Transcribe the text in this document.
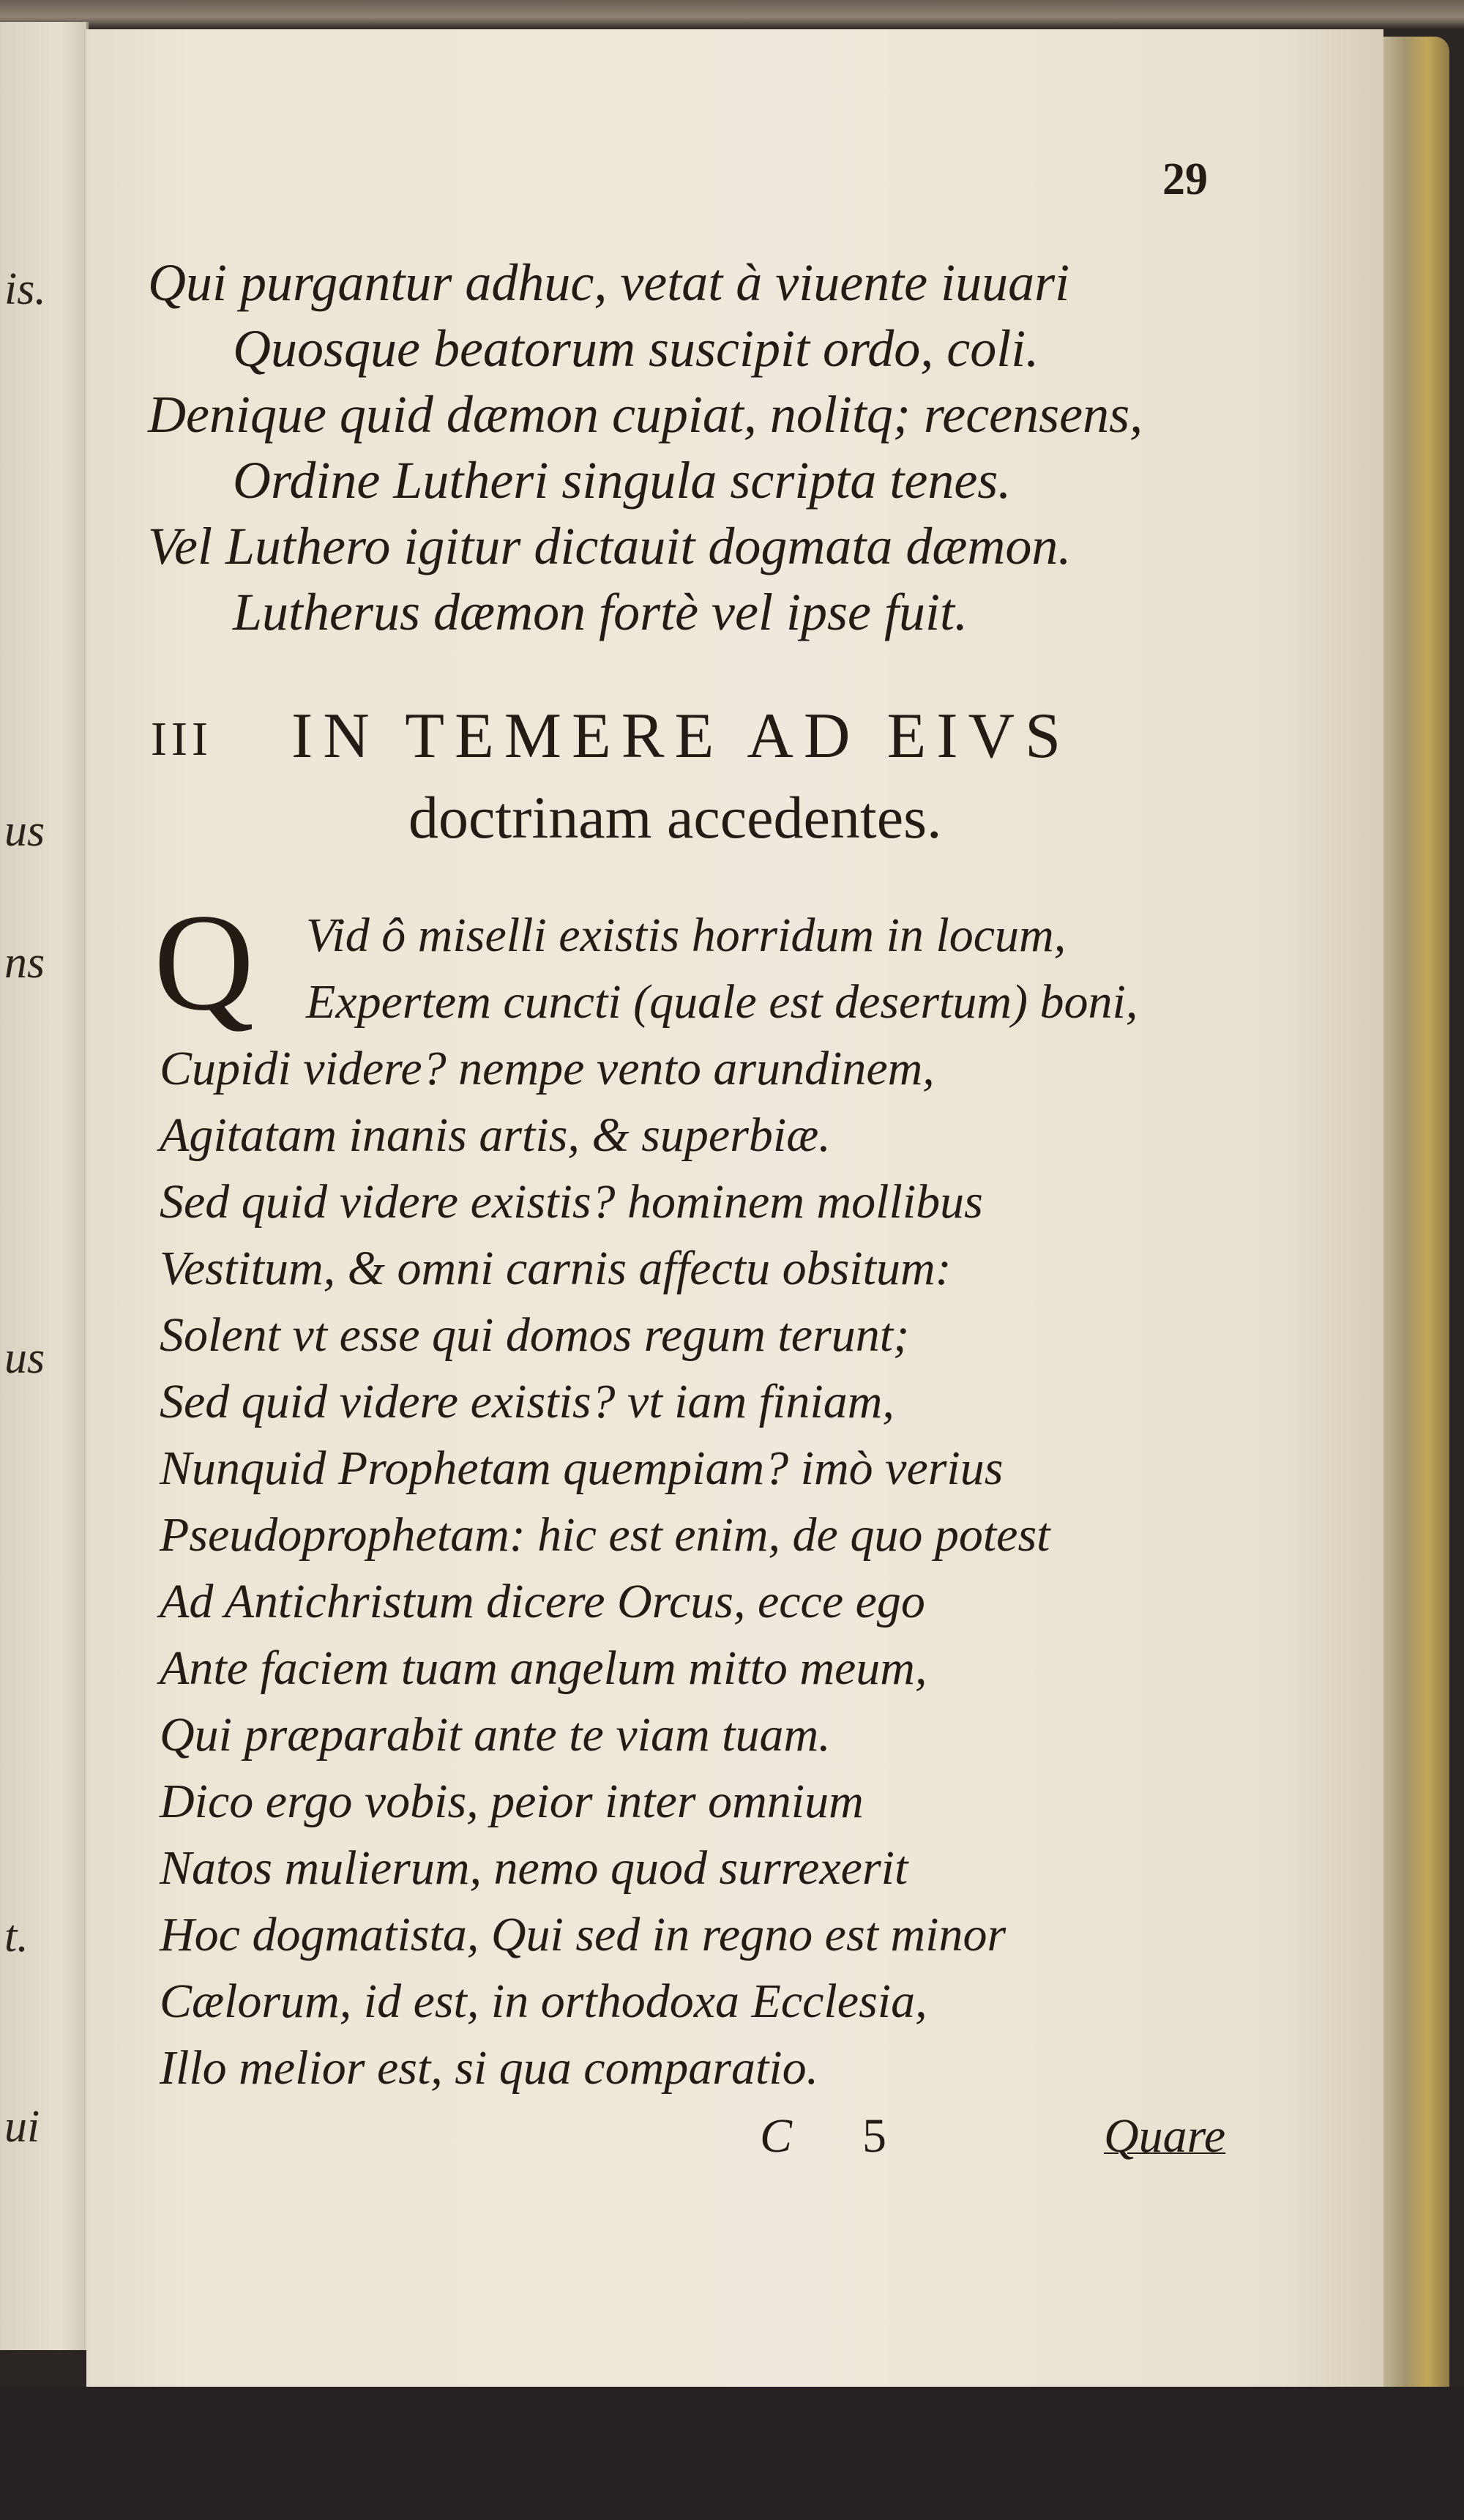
is.
us
ns
us
t.
ui
29
Qui purgantur adhuc, vetat à viuente iuuari
Quosque beatorum suscipit ordo, coli.
Denique quid dæmon cupiat, nolitq; recensens,
Ordine Lutheri singula scripta tenes.
Vel Luthero igitur dictauit dogmata dæmon.
Lutherus dæmon fortè vel ipse fuit.
III IN TEMERE AD EIVS
doctrinam accedentes.
Q	Vid ô miselli existis horridum in locum,
Expertem cuncti (quale est desertum) boni,
Cupidi videre? nempe vento arundinem,
Agitatam inanis artis, & superbiæ.
Sed quid videre existis? hominem mollibus
Vestitum, & omni carnis affectu obsitum:
Solent vt esse qui domos regum terunt;
Sed quid videre existis? vt iam finiam,
Nunquid Prophetam quempiam? imò verius
Pseudoprophetam: hic est enim, de quo potest
Ad Antichristum dicere Orcus, ecce ego
Ante faciem tuam angelum mitto meum,
Qui præparabit ante te viam tuam.
Dico ergo vobis, peior inter omnium
Natos mulierum, nemo quod surrexerit
Hoc dogmatista, Qui sed in regno est minor
Cælorum, id est, in orthodoxa Ecclesia,
Illo melior est, si qua comparatio.
C 5	Quare
